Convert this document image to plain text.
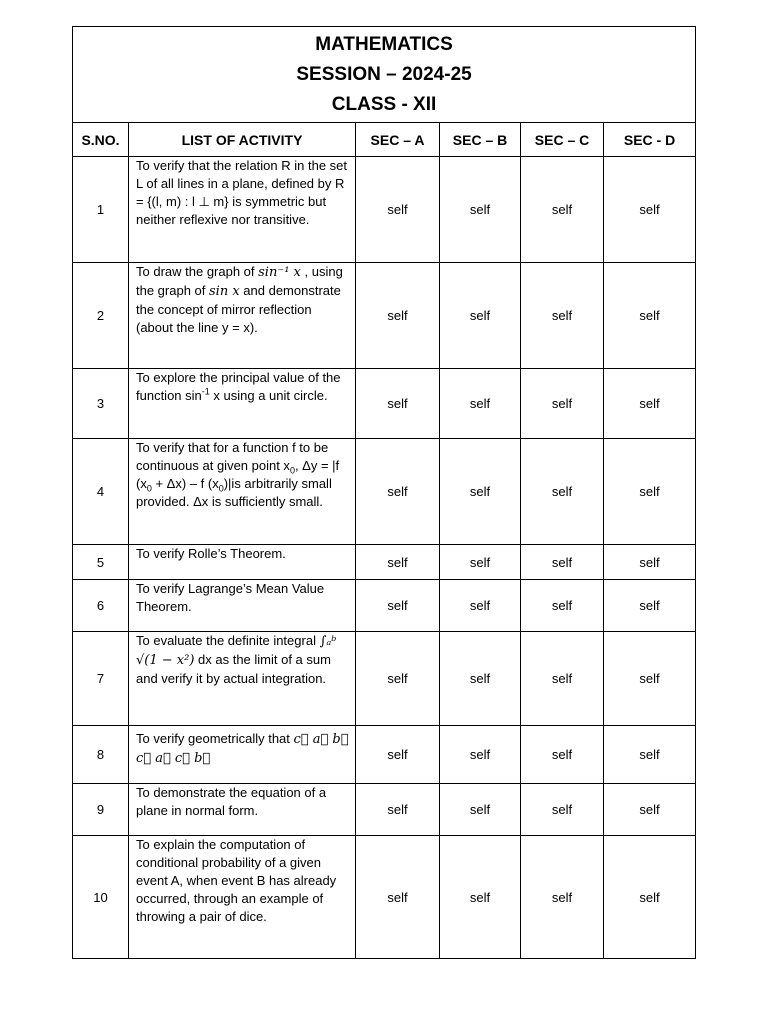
MATHEMATICS
SESSION – 2024-25
CLASS - XII					

S.NO.	LIST OF ACTIVITY	SEC – A	SEC – B	SEC – C	SEC - D
1	To verify that the relation R in the set L of all lines in a plane, defined by R = {(l, m) : l ⊥ m} is symmetric but neither reflexive nor transitive.	self	self	self	self
2	To draw the graph of sin⁻¹ x , using the graph of sin x and demonstrate the concept of mirror reflection (about the line y = x).	self	self	self	self
3	To explore the principal value of the function $\sin^{-1} x$ using a unit circle.	self	self	self	self
4	To verify that for a function f to be continuous at given point $x_0$, Δy = |f $(x_0 + \Delta x) - f$ $(x_0)|is$ arbitrarily small provided. Δx is sufficiently small.	self	self	self	self
5	To verify Rolle’s Theorem.	self	self	self	self
6	To verify Lagrange’s Mean Value Theorem.	self	self	self	self
7	To evaluate the definite integral ∫ₐᵇ √(1 − x²) dx as the limit of a sum and verify it by actual integration.	self	self	self	self
8	To verify geometrically that c⃗ a⃗ b⃗ c⃗ a⃗ c⃗ b⃗	self	self	self	self
9	To demonstrate the equation of a plane in normal form.	self	self	self	self
10	To explain the computation of conditional probability of a given event A, when event B has already occurred, through an example of throwing a pair of dice.	self	self	self	self
